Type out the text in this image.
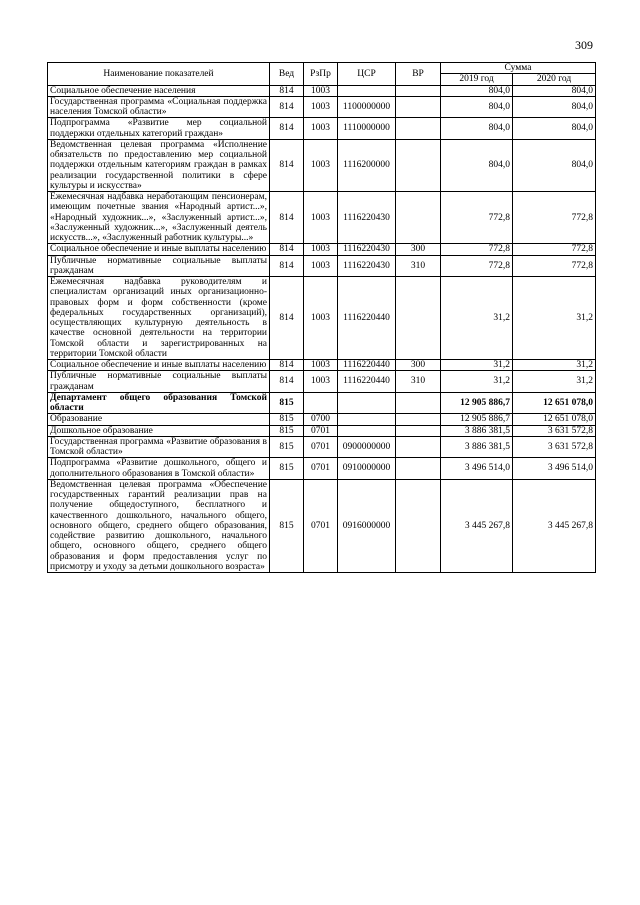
309
Наименование показателей	Вед	РзПр	ЦСР	ВР	Сумма	
					2019 год	2020 год
Социальное обеспечение населения	814	1003			804,0	804,0
Государственная программа «Социальная поддержка населения Томской области»	814	1003	1100000000		804,0	804,0
Подпрограмма «Развитие мер социальной поддержки отдельных категорий граждан»	814	1003	1110000000		804,0	804,0
Ведомственная целевая программа «Исполнение обязательств по предоставлению мер социальной поддержки отдельным категориям граждан в рамках реализации государственной политики в сфере культуры и искусства»	814	1003	1116200000		804,0	804,0
Ежемесячная надбавка неработающим пенсионерам, имеющим почетные звания «Народный артист...», «Народный художник...», «Заслуженный артист...», «Заслуженный художник...», «Заслуженный деятель искусств...», «Заслуженный работник культуры...»	814	1003	1116220430		772,8	772,8
Социальное обеспечение и иные выплаты населению	814	1003	1116220430	300	772,8	772,8
Публичные нормативные социальные выплаты гражданам	814	1003	1116220430	310	772,8	772,8
Ежемесячная надбавка руководителям и специалистам организаций иных организационно-правовых форм и форм собственности (кроме федеральных государственных организаций), осуществляющих культурную деятельность в качестве основной деятельности на территории Томской области и зарегистрированных на территории Томской области	814	1003	1116220440		31,2	31,2
Социальное обеспечение и иные выплаты населению	814	1003	1116220440	300	31,2	31,2
Публичные нормативные социальные выплаты гражданам	814	1003	1116220440	310	31,2	31,2
Департамент общего образования Томской области	815				12 905 886,7	12 651 078,0
Образование	815	0700			12 905 886,7	12 651 078,0
Дошкольное образование	815	0701			3 886 381,5	3 631 572,8
Государственная программа «Развитие образования в Томской области»	815	0701	0900000000		3 886 381,5	3 631 572,8
Подпрограмма «Развитие дошкольного, общего и дополнительного образования в Томской области»	815	0701	0910000000		3 496 514,0	3 496 514,0
Ведомственная целевая программа «Обеспечение государственных гарантий реализации прав на получение общедоступного, бесплатного и качественного дошкольного, начального общего, основного общего, среднего общего образования, содействие развитию дошкольного, начального общего, основного общего, среднего общего образования и форм предоставления услуг по присмотру и уходу за детьми дошкольного возраста»	815	0701	0916000000		3 445 267,8	3 445 267,8
